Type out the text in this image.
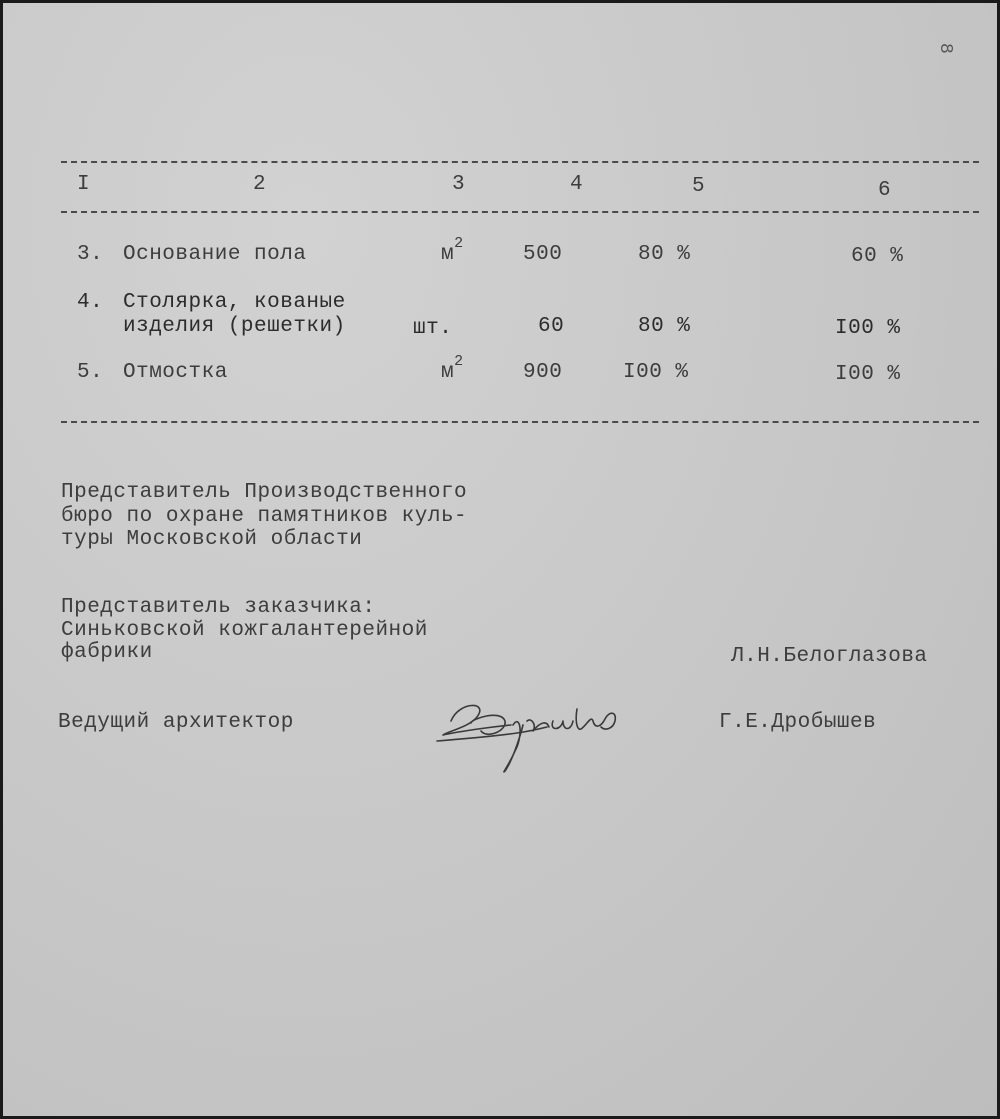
8
I	2	3	4	5	6
3. Основание пола	$м^2$	500	80 %	60 %
4. Столярка, кованые
изделия (решетки)	шт.	60	80 %	I00 %
5. Отмостка	$м^2$	900	I00 %	I00 %
Представитель Производственного
бюро по охране памятников куль-
туры Московской области
Представитель заказчика:
Синьковской кожгалантерейной
фабрики	Л.Н.Белоглазова
Ведущий архитектор	Г.Е.Дробышев
